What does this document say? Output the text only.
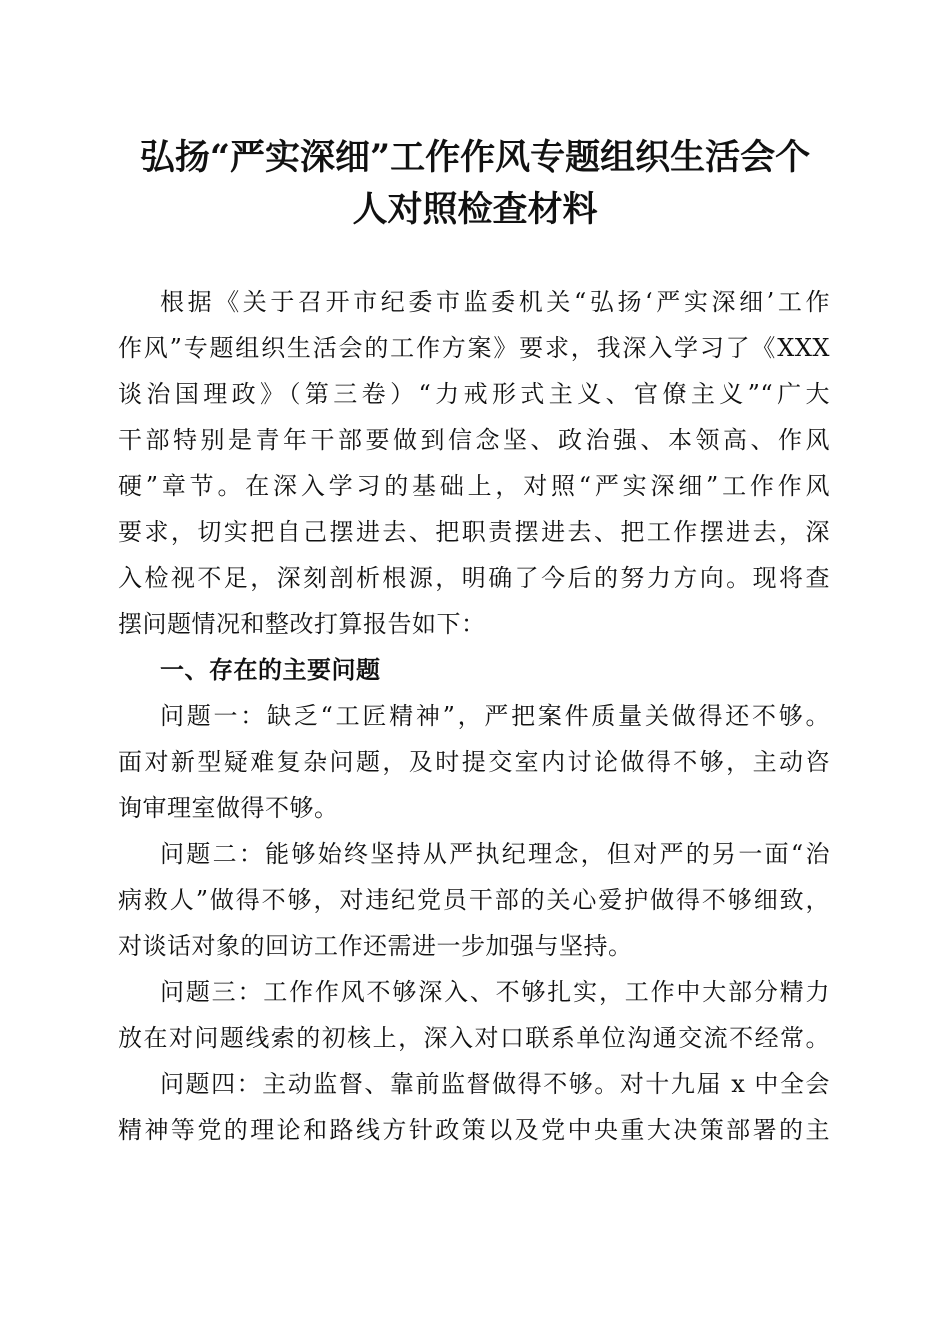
弘扬“严实深细”工作作风专题组织生活会个
人对照检查材料
根据《关于召开市纪委市监委机关“弘扬‘严实深细’工作
作风”专题组织生活会的工作方案》要求，我深入学习了《XXX
谈治国理政》（第三卷）“力戒形式主义、官僚主义”“广大
干部特别是青年干部要做到信念坚、政治强、本领高、作风
硬”章节。在深入学习的基础上，对照“严实深细”工作作风
要求，切实把自己摆进去、把职责摆进去、把工作摆进去，深
入检视不足，深刻剖析根源，明确了今后的努力方向。现将查
摆问题情况和整改打算报告如下：
一、存在的主要问题
问题一：缺乏“工匠精神”，严把案件质量关做得还不够。
面对新型疑难复杂问题，及时提交室内讨论做得不够，主动咨
询审理室做得不够。
问题二：能够始终坚持从严执纪理念，但对严的另一面“治
病救人”做得不够，对违纪党员干部的关心爱护做得不够细致，
对谈话对象的回访工作还需进一步加强与坚持。
问题三：工作作风不够深入、不够扎实，工作中大部分精力
放在对问题线索的初核上，深入对口联系单位沟通交流不经常。
问题四：主动监督、靠前监督做得不够。对十九届 x 中全会
精神等党的理论和路线方针政策以及党中央重大决策部署的主
